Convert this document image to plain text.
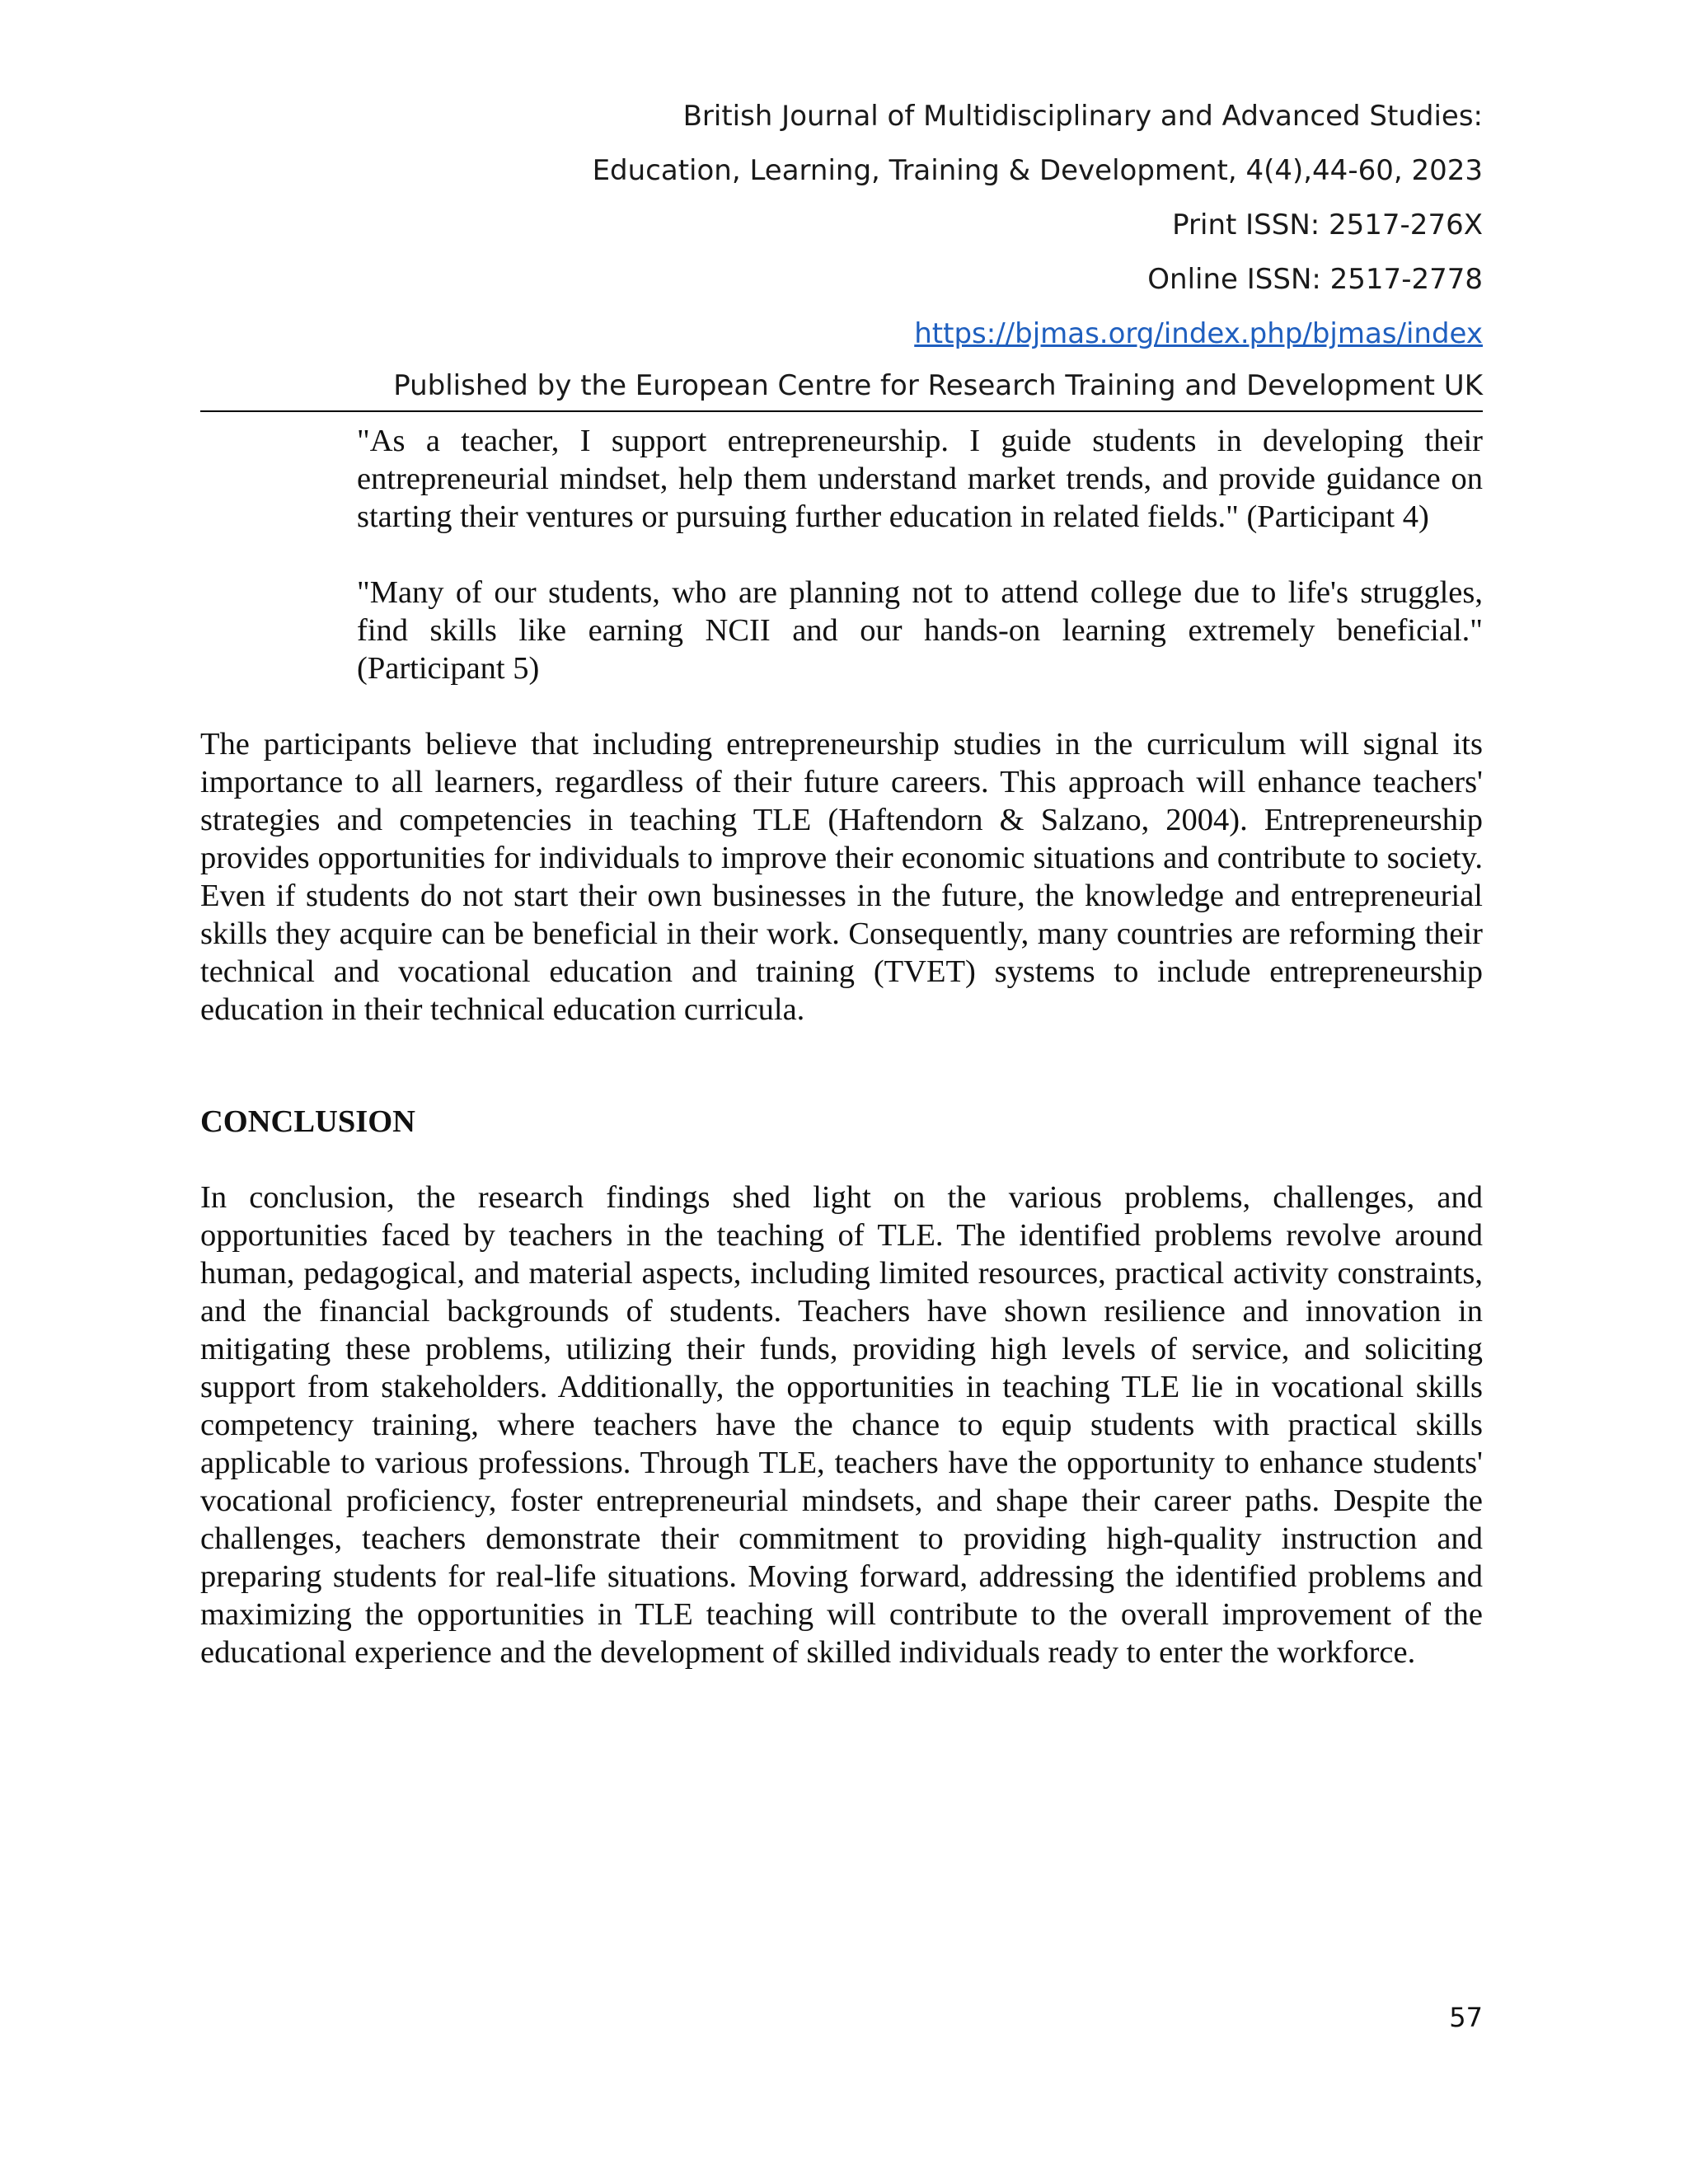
British Journal of Multidisciplinary and Advanced Studies:
Education, Learning, Training & Development, 4(4),44-60, 2023
Print ISSN: 2517-276X
Online ISSN: 2517-2778
https://bjmas.org/index.php/bjmas/index
Published by the European Centre for Research Training and Development UK

"As a teacher, I support entrepreneurship. I guide students in developing their entrepreneurial mindset, help them understand market trends, and provide guidance on starting their ventures or pursuing further education in related fields." (Participant 4)

"Many of our students, who are planning not to attend college due to life's struggles, find skills like earning NCII and our hands-on learning extremely beneficial." (Participant 5)

The participants believe that including entrepreneurship studies in the curriculum will signal its importance to all learners, regardless of their future careers. This approach will enhance teachers' strategies and competencies in teaching TLE (Haftendorn & Salzano, 2004). Entrepreneurship provides opportunities for individuals to improve their economic situations and contribute to society. Even if students do not start their own businesses in the future, the knowledge and entrepreneurial skills they acquire can be beneficial in their work. Consequently, many countries are reforming their technical and vocational education and training (TVET) systems to include entrepreneurship education in their technical education curricula.

CONCLUSION

In conclusion, the research findings shed light on the various problems, challenges, and opportunities faced by teachers in the teaching of TLE. The identified problems revolve around human, pedagogical, and material aspects, including limited resources, practical activity constraints, and the financial backgrounds of students. Teachers have shown resilience and innovation in mitigating these problems, utilizing their funds, providing high levels of service, and soliciting support from stakeholders. Additionally, the opportunities in teaching TLE lie in vocational skills competency training, where teachers have the chance to equip students with practical skills applicable to various professions. Through TLE, teachers have the opportunity to enhance students' vocational proficiency, foster entrepreneurial mindsets, and shape their career paths. Despite the challenges, teachers demonstrate their commitment to providing high-quality instruction and preparing students for real-life situations. Moving forward, addressing the identified problems and maximizing the opportunities in TLE teaching will contribute to the overall improvement of the educational experience and the development of skilled individuals ready to enter the workforce.

57
